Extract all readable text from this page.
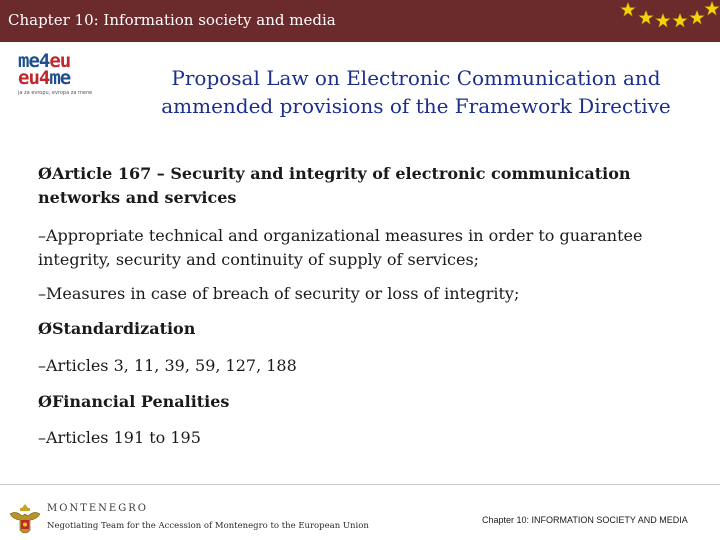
Chapter 10: Information society and media
me4eu
eu4me
ja za evropu, evropa za mene
Proposal Law on Electronic Communication and
ammended provisions of the Framework Directive
ØArticle 167 – Security and integrity of electronic communication networks and services
–Appropriate technical and organizational measures in order to guarantee integrity, security and continuity of supply of services;
–Measures in case of breach of security or loss of integrity;
ØStandardization
–Articles 3, 11, 39, 59, 127, 188
ØFinancial Penalities
–Articles 191 to 195
MONTENEGRO
Negotiating Team for the Accession of Montenegro to the European Union
Chapter 10: INFORMATION SOCIETY AND MEDIA
